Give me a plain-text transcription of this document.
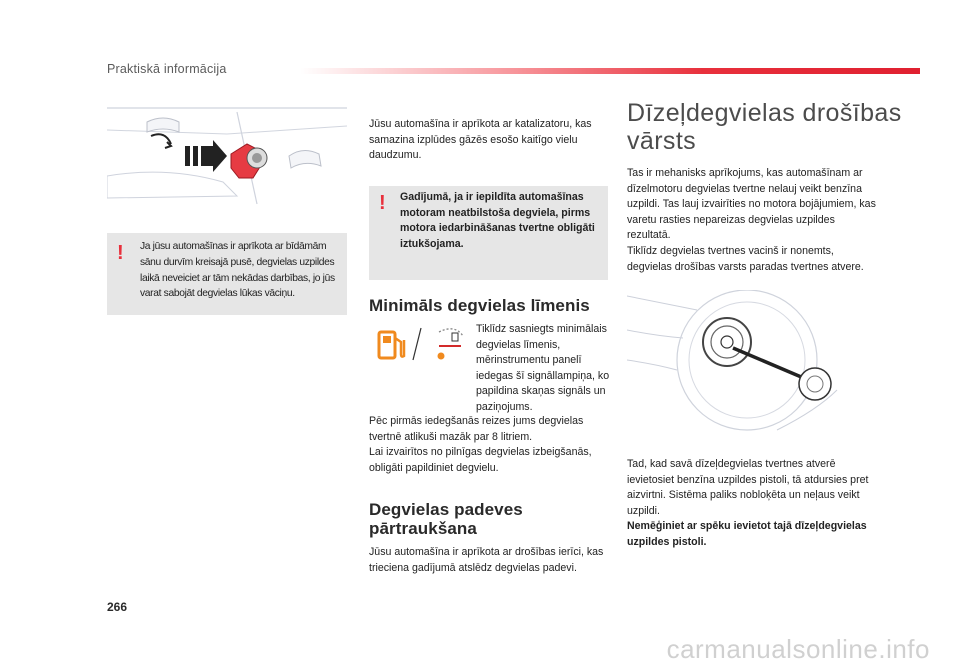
Praktiskā informācija
! Ja jūsu automašīnas ir aprīkota ar bīdāmām sānu durvīm kreisajā pusē, degvielas uzpildes laikā neveiciet ar tām nekādas darbības, jo jūs varat sabojāt degvielas lūkas vāciņu.
Jūsu automašīna ir aprīkota ar katalizatoru, kas samazina izplūdes gāzēs esošo kaitīgo vielu daudzumu.
! Gadījumā, ja ir iepildīta automašīnas motoram neatbilstoša degviela, pirms motora iedarbināšanas tvertne obligāti iztukšojama.
Minimāls degvielas līmenis
Tiklīdz sasniegts minimālais degvielas līmenis, mērinstrumentu panelī iedegas šī signāllampiņa, ko papildina skaņas signāls un paziņojums.
Pēc pirmās iedegšanās reizes jums degvielas tvertnē atlikuši mazāk par 8 litriem.
Lai izvairītos no pilnīgas degvielas izbeigšanās, obligāti papildiniet degvielu.
Degvielas padeves pārtraukšana
Jūsu automašīna ir aprīkota ar drošības ierīci, kas trieciena gadījumā atslēdz degvielas padevi.
Dīzeļdegvielas drošības vārsts
Tas ir mehanisks aprīkojums, kas automašīnam ar dīzelmotoru degvielas tvertne nelauj veikt benzīna uzpildi. Tas lauj izvairīties no motora bojājumiem, kas varetu rasties nepareizas degvielas uzpildes rezultatā.
Tiklīdz degvielas tvertnes vacinš ir nonemts, degvielas drošības varsts paradas tvertnes atvere.
Tad, kad savā dīzeļdegvielas tvertnes atverē ievietosiet benzīna uzpildes pistoli, tā atdursies pret aizvirtni. Sistēma paliks nobloķēta un neļaus veikt uzpildi.
Nemēģiniet ar spēku ievietot tajā dīzeļdegvielas uzpildes pistoli.
266
carmanualsonline.info
